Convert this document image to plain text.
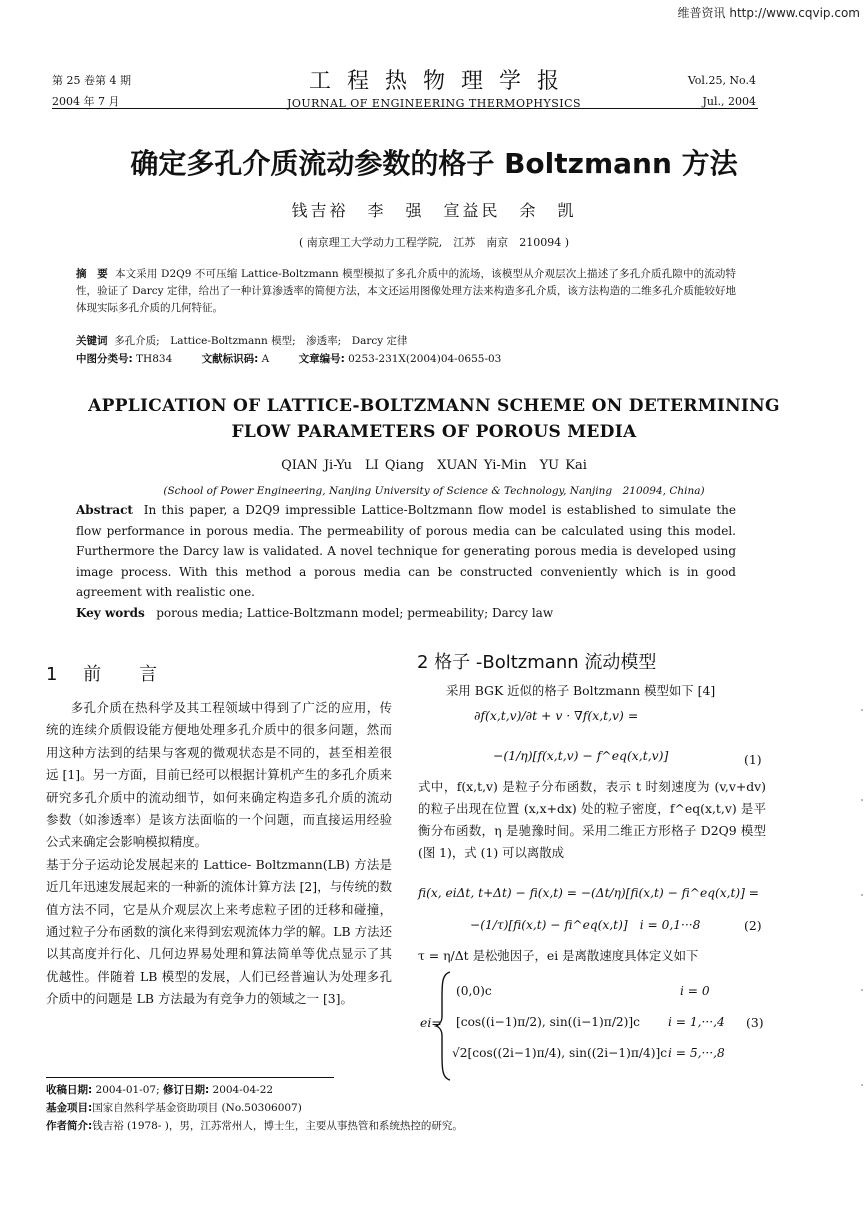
维普资讯 http://www.cqvip.com
第 25 卷第 4 期
2004 年 7 月
工程热物理学报
JOURNAL OF ENGINEERING THERMOPHYSICS
Vol.25, No.4
Jul., 2004
确定多孔介质流动参数的格子 Boltzmann 方法
钱吉裕　李　强　宣益民　余　凯
( 南京理工大学动力工程学院,　江苏　南京　210094 )
摘　要 本文采用 D2Q9 不可压缩 Lattice-Boltzmann 模型模拟了多孔介质中的流场，该模型从介观层次上描述了多孔介质孔隙中的流动特性，验证了 Darcy 定律，给出了一种计算渗透率的简便方法，本文还运用图像处理方法来构造多孔介质，该方法构造的二维多孔介质能较好地体现实际多孔介质的几何特征。
关键词 多孔介质;　Lattice-Boltzmann 模型;　渗透率;　Darcy 定律
中图分类号: TH834	文献标识码: A	文章编号: 0253-231X(2004)04-0655-03
APPLICATION OF LATTICE-BOLTZMANN SCHEME ON DETERMINING
FLOW PARAMETERS OF POROUS MEDIA
QIAN Ji-Yu　LI Qiang　XUAN Yi-Min　YU Kai
(School of Power Engineering, Nanjing University of Science & Technology, Nanjing　210094, China)
Abstract In this paper, a D2Q9 impressible Lattice-Boltzmann flow model is established to simulate the flow performance in porous media. The permeability of porous media can be calculated using this model. Furthermore the Darcy law is validated. A novel technique for generating porous media is developed using image process. With this method a porous media can be constructed conveniently which is in good agreement with realistic one.
Key words porous media; Lattice-Boltzmann model; permeability; Darcy law
1 前　言

多孔介质在热科学及其工程领域中得到了广泛的应用，传统的连续介质假设能方便地处理多孔介质中的很多问题，然而用这种方法到的结果与客观的微观状态是不同的，甚至相差很远 [1]。另一方面，目前已经可以根据计算机产生的多孔介质来研究多孔介质中的流动细节，如何来确定构造多孔介质的流动参数（如渗透率）是该方法面临的一个问题，而直接运用经验公式来确定会影响模拟精度。

基于分子运动论发展起来的 Lattice- Boltzmann(LB) 方法是近几年迅速发展起来的一种新的流体计算方法 [2]，与传统的数值方法不同，它是从介观层次上来考虑粒子团的迁移和碰撞，通过粒子分布函数的演化来得到宏观流体力学的解。LB 方法还以其高度并行化、几何边界易处理和算法简单等优点显示了其优越性。伴随着 LB 模型的发展，人们已经普遍认为处理多孔介质中的问题是 LB 方法最为有竞争力的领域之一 [3]。

2 格子 -Boltzmann 流动模型
采用 BGK 近似的格子 Boltzmann 模型如下 [4]
∂f(x,t,v)/∂t + v · ∇f(x,t,v) =
−(1/η)[f(x,t,v) − f^eq(x,t,v)]	(1)
式中，f(x,t,v) 是粒子分布函数，表示 t 时刻速度为 (v,v+dv) 的粒子出现在位置 (x,x+dx) 处的粒子密度，f^eq(x,t,v) 是平衡分布函数，η 是驰豫时间。采用二维正方形格子 D2Q9 模型 (图 1)，式 (1) 可以离散成
fi(x, eiΔt, t+Δt) − fi(x,t) = −(Δt/η)[fi(x,t) − fi^eq(x,t)] =
−(1/τ)[fi(x,t) − fi^eq(x,t)]　i = 0,1···8	(2)
τ = η/Δt 是松弛因子，ei 是离散速度具体定义如下
ei=
(0,0)c
[cos((i−1)π/2), sin((i−1)π/2)]c
√2[cos((2i−1)π/4), sin((2i−1)π/4)]c
i = 0
i = 1,···,4
i = 5,···,8
(3)
收稿日期: 2004-01-07; 修订日期: 2004-04-22
基金项目:国家自然科学基金资助项目 (No.50306007)
作者简介:钱吉裕 (1978- )，男，江苏常州人，博士生，主要从事热管和系统热控的研究。
